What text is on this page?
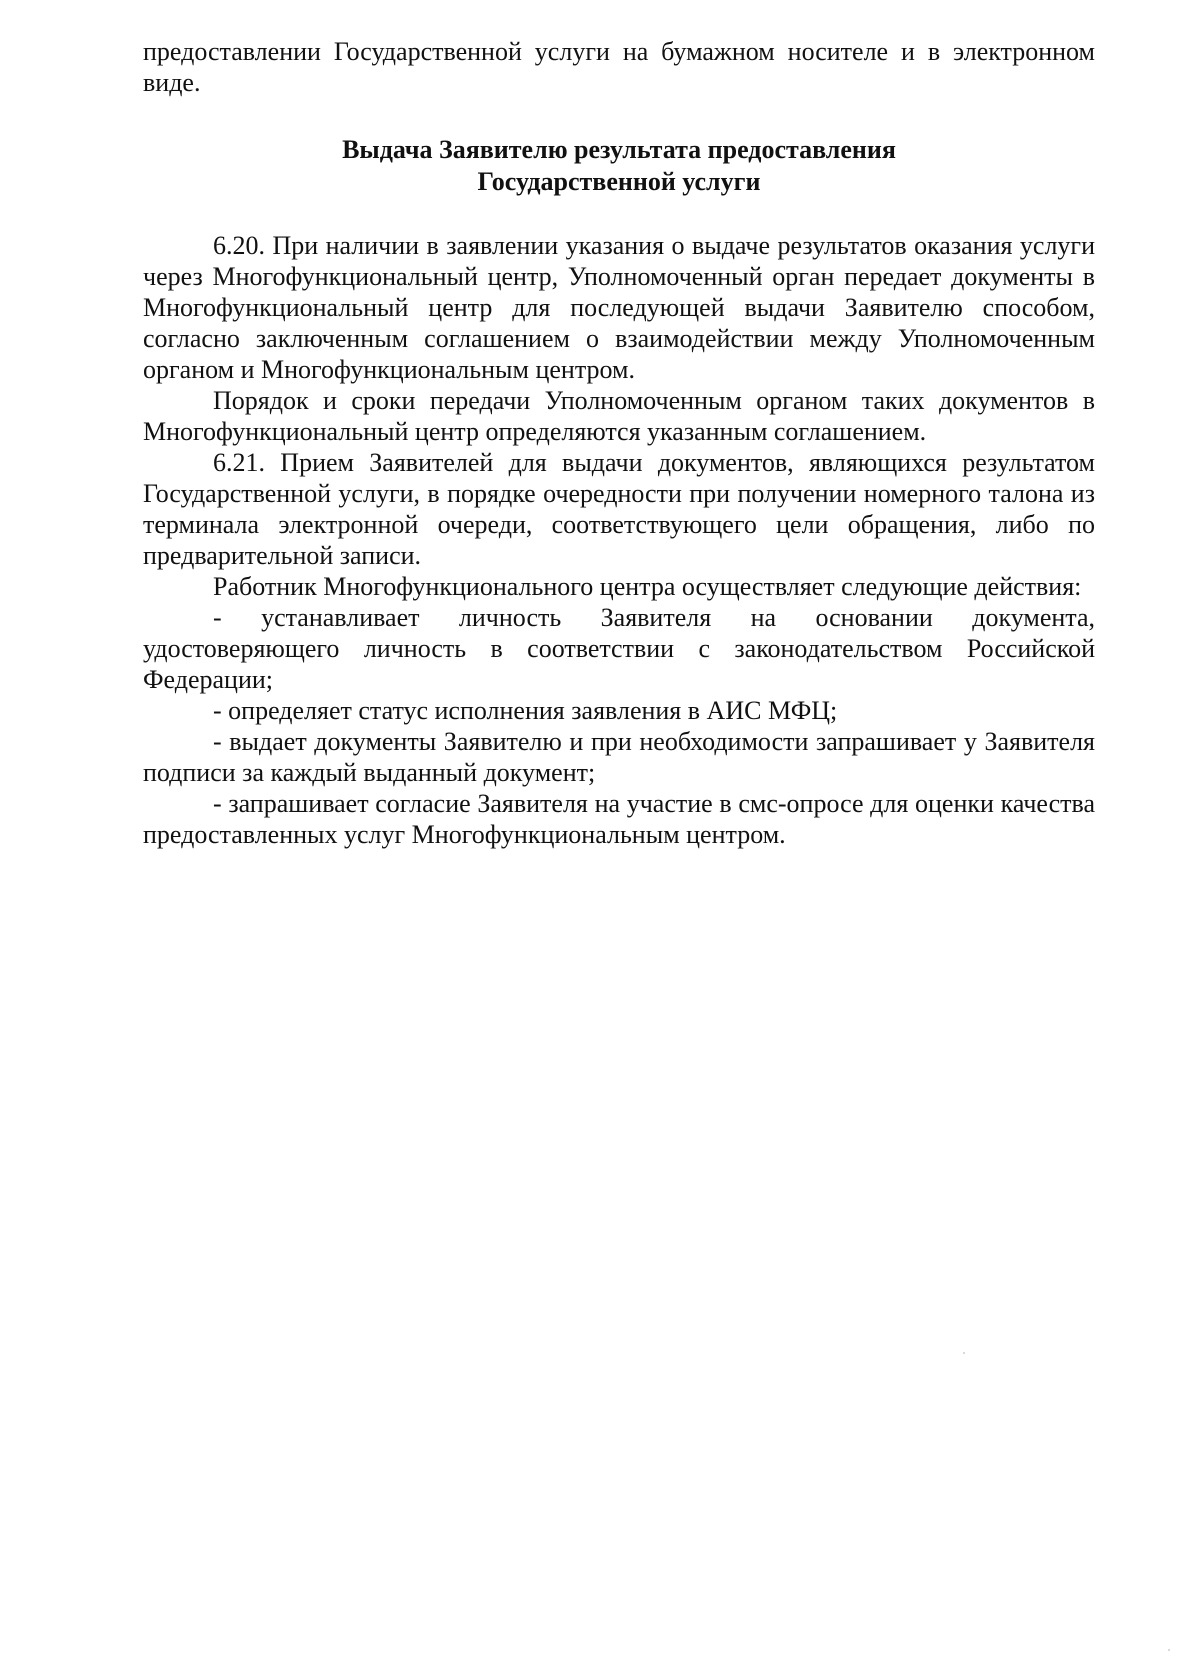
предоставлении Государственной услуги на бумажном носителе и в электронном виде.

Выдача Заявителю результата предоставления
Государственной услуги

6.20. При наличии в заявлении указания о выдаче результатов оказания услуги через Многофункциональный центр, Уполномоченный орган передает документы в Многофункциональный центр для последующей выдачи Заявителю способом, согласно заключенным соглашением о взаимодействии между Уполномоченным органом и Многофункциональным центром.

Порядок и сроки передачи Уполномоченным органом таких документов в Многофункциональный центр определяются указанным соглашением.

6.21. Прием Заявителей для выдачи документов, являющихся результатом Государственной услуги, в порядке очередности при получении номерного талона из терминала электронной очереди, соответствующего цели обращения, либо по предварительной записи.

Работник Многофункционального центра осуществляет следующие действия:

- устанавливает личность Заявителя на основании документа, удостоверяющего личность в соответствии с законодательством Российской Федерации;

- определяет статус исполнения заявления в АИС МФЦ;

- выдает документы Заявителю и при необходимости запрашивает у Заявителя подписи за каждый выданный документ;

- запрашивает согласие Заявителя на участие в смс-опросе для оценки качества предоставленных услуг Многофункциональным центром.
